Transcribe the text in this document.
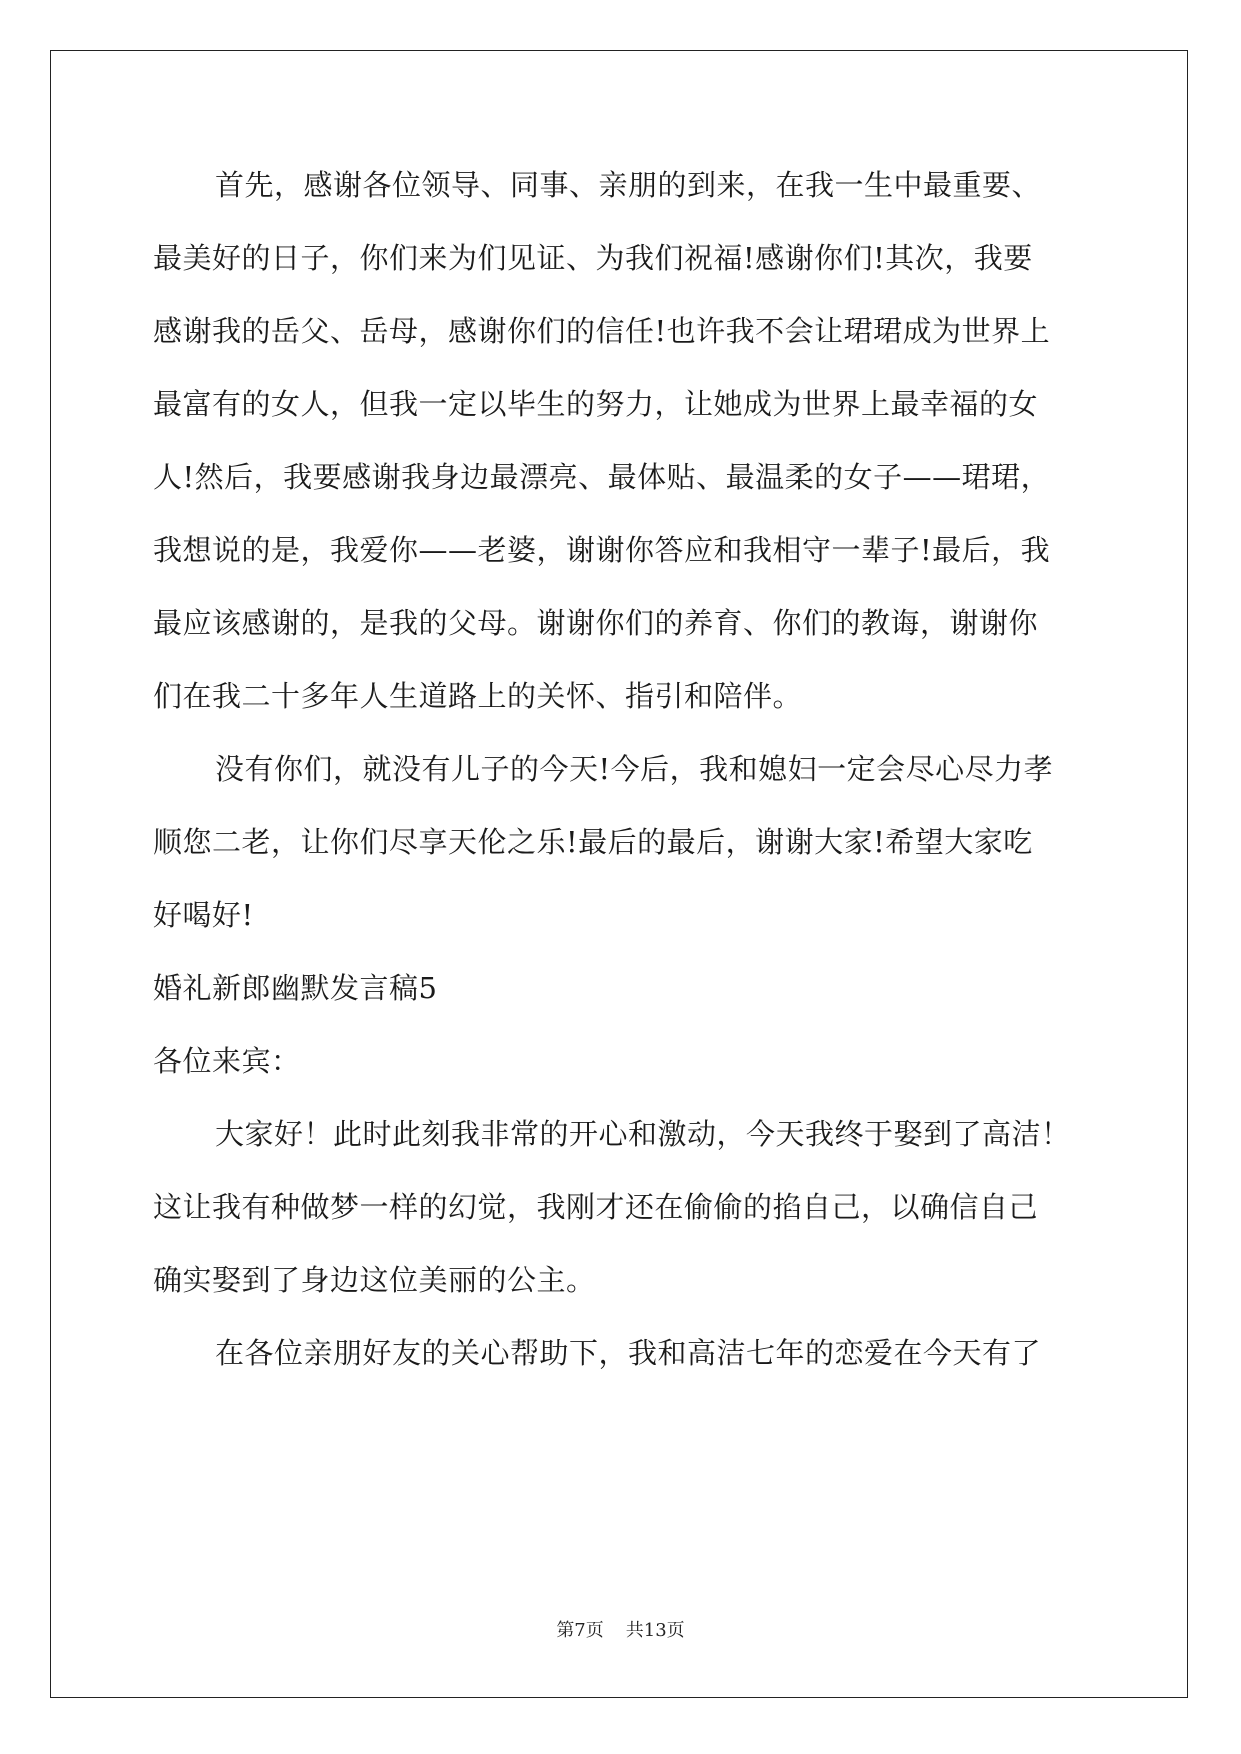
首先，感谢各位领导、同事、亲朋的到来，在我一生中最重要、
最美好的日子，你们来为们见证、为我们祝福!感谢你们!其次，我要
感谢我的岳父、岳母，感谢你们的信任!也许我不会让珺珺成为世界上
最富有的女人，但我一定以毕生的努力，让她成为世界上最幸福的女
人!然后，我要感谢我身边最漂亮、最体贴、最温柔的女子——珺珺，
我想说的是，我爱你——老婆，谢谢你答应和我相守一辈子!最后，我
最应该感谢的，是我的父母。谢谢你们的养育、你们的教诲，谢谢你
们在我二十多年人生道路上的关怀、指引和陪伴。
没有你们，就没有儿子的今天!今后，我和媳妇一定会尽心尽力孝
顺您二老，让你们尽享天伦之乐!最后的最后，谢谢大家!希望大家吃
好喝好!
婚礼新郎幽默发言稿5
各位来宾：
大家好！此时此刻我非常的开心和激动，今天我终于娶到了高洁！
这让我有种做梦一样的幻觉，我刚才还在偷偷的掐自己，以确信自己
确实娶到了身边这位美丽的公主。
在各位亲朋好友的关心帮助下，我和高洁七年的恋爱在今天有了
第7页 共13页
